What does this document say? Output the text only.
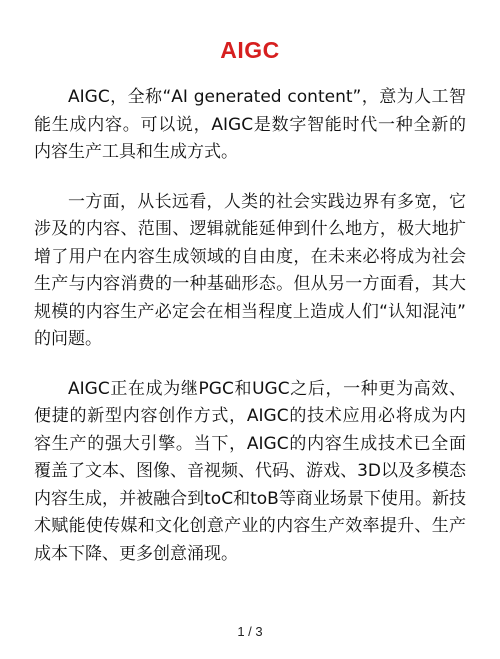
AIGC

AIGC，全称“AI generated content”，意为人工智能生成内容。可以说，AIGC是数字智能时代一种全新的内容生产工具和生成方式。

一方面，从长远看，人类的社会实践边界有多宽，它涉及的内容、范围、逻辑就能延伸到什么地方，极大地扩增了用户在内容生成领域的自由度，在未来必将成为社会生产与内容消费的一种基础形态。但从另一方面看，其大规模的内容生产必定会在相当程度上造成人们“认知混沌” 的问题。

AIGC正在成为继PGC和UGC之后，一种更为高效、便捷的新型内容创作方式，AIGC的技术应用必将成为内容生产的强大引擎。当下，AIGC的内容生成技术已全面覆盖了文本、图像、音视频、代码、游戏、3D以及多模态内容生成，并被融合到toC和toB等商业场景下使用。新技术赋能使传媒和文化创意产业的内容生产效率提升、生产成本下降、更多创意涌现。

1 / 3
